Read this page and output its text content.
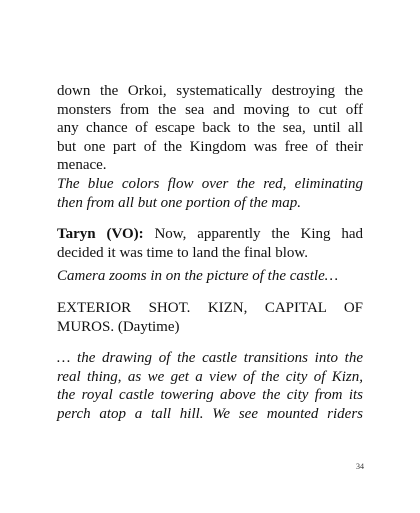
down the Orkoi, systematically destroying the
monsters from the sea and moving to cut off
any chance of escape back to the sea, until all
but one part of the Kingdom was free of their
menace.

The blue colors flow over the red, eliminating
then from all but one portion of the map.

Taryn (VO): Now, apparently the King had
decided it was time to land the final blow.

Camera zooms in on the picture of the castle…

EXTERIOR SHOT. KIZN, CAPITAL OF
MUROS. (Daytime)

… the drawing of the castle transitions into the
real thing, as we get a view of the city of Kizn,
the royal castle towering above the city from its
perch atop a tall hill. We see mounted riders

34
